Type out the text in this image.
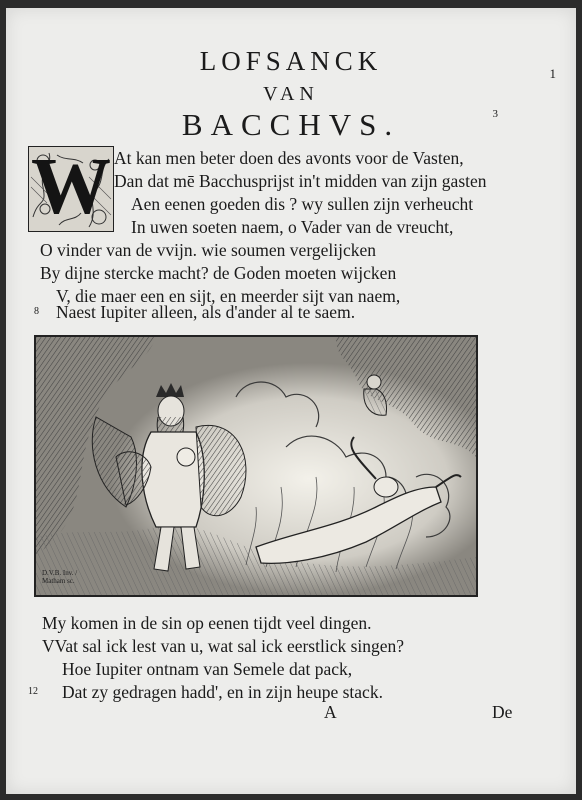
1
3
LOFSANCK
VAN
BACCHVS.
W At kan men beter doen des avonts voor de Vasten,
Dan dat mē Bacchusprijst in't midden van zijn gasten
Aen eenen goeden dis ? wy sullen zijn verheucht
In uwen soeten naem, o Vader van de vreucht,
O vinder van de vvijn. wie soumen vergelijcken
By dijne stercke macht? de Goden moeten wijcken
V, die maer een en sijt, en meerder sijt van naem,
8 Naest Iupiter alleen, als d'ander al te saem.
D.V.B. Inv. / Matham sc.
My komen in de sin op eenen tijdt veel dingen.
VVat sal ick lest van u, wat sal ick eerstlick singen?
Hoe Iupiter ontnam van Semele dat pack,
12 Dat zy gedragen hadd', en in zijn heupe stack.
A	De
